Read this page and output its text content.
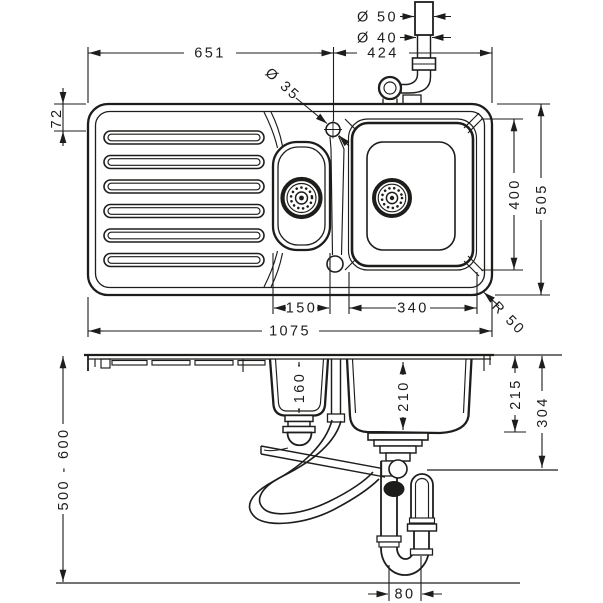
Ø 50
Ø 40
651	424
72
Ø 35
400 505
R 50
150	340
1075
500 - 600
160	210	215
304
80
